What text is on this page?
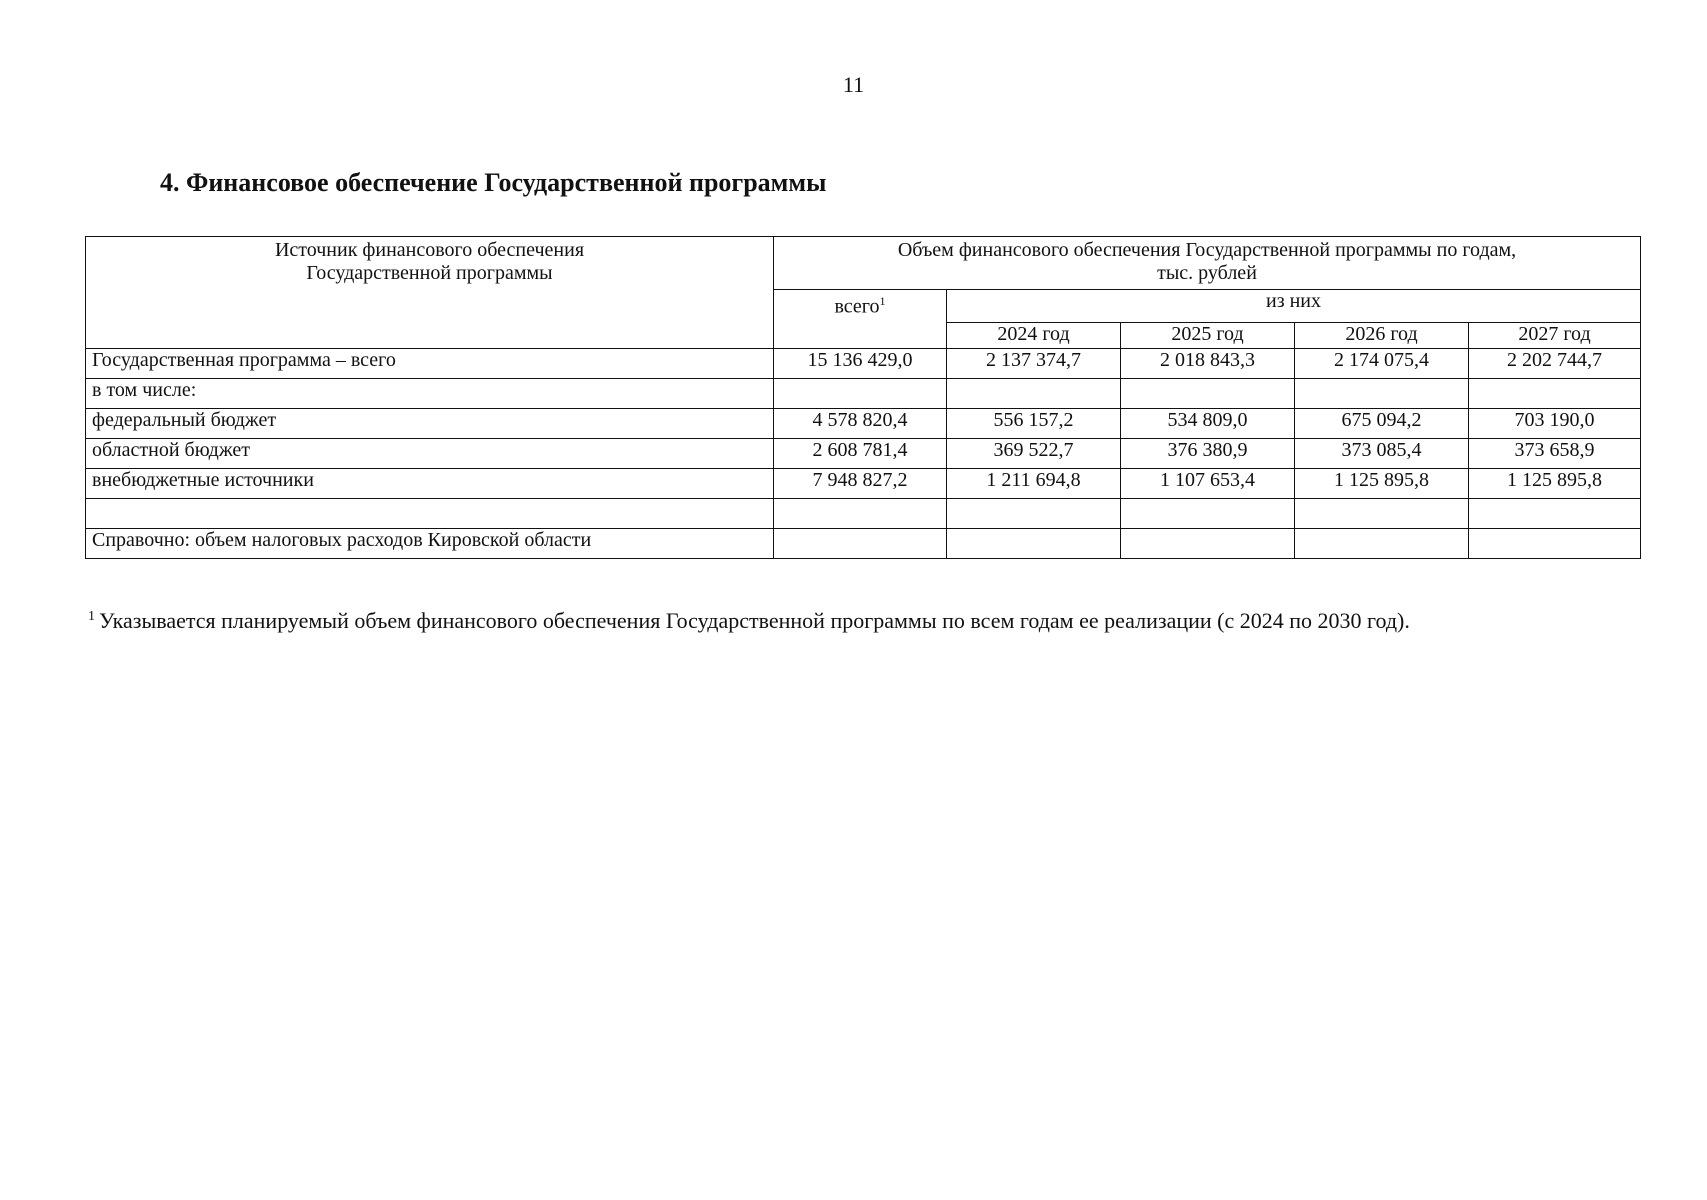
11
4. Финансовое обеспечение Государственной программы
Источник финансового обеспечения Государственной программы	Объем финансового обеспечения Государственной программы по годам,
тыс. рублей				

	всего$^1$	из них			
		2024 год	2025 год	2026 год	2027 год
Государственная программа – всего	15 136 429,0	2 137 374,7	2 018 843,3	2 174 075,4	2 202 744,7
в том числе:					
федеральный бюджет	4 578 820,4	556 157,2	534 809,0	675 094,2	703 190,0
областной бюджет	2 608 781,4	369 522,7	376 380,9	373 085,4	373 658,9
внебюджетные источники	7 948 827,2	1 211 694,8	1 107 653,4	1 125 895,8	1 125 895,8

Справочно: объем налоговых расходов Кировской области					
$^1$ Указывается планируемый объем финансового обеспечения Государственной программы по всем годам ее реализации (с 2024 по 2030 год).
